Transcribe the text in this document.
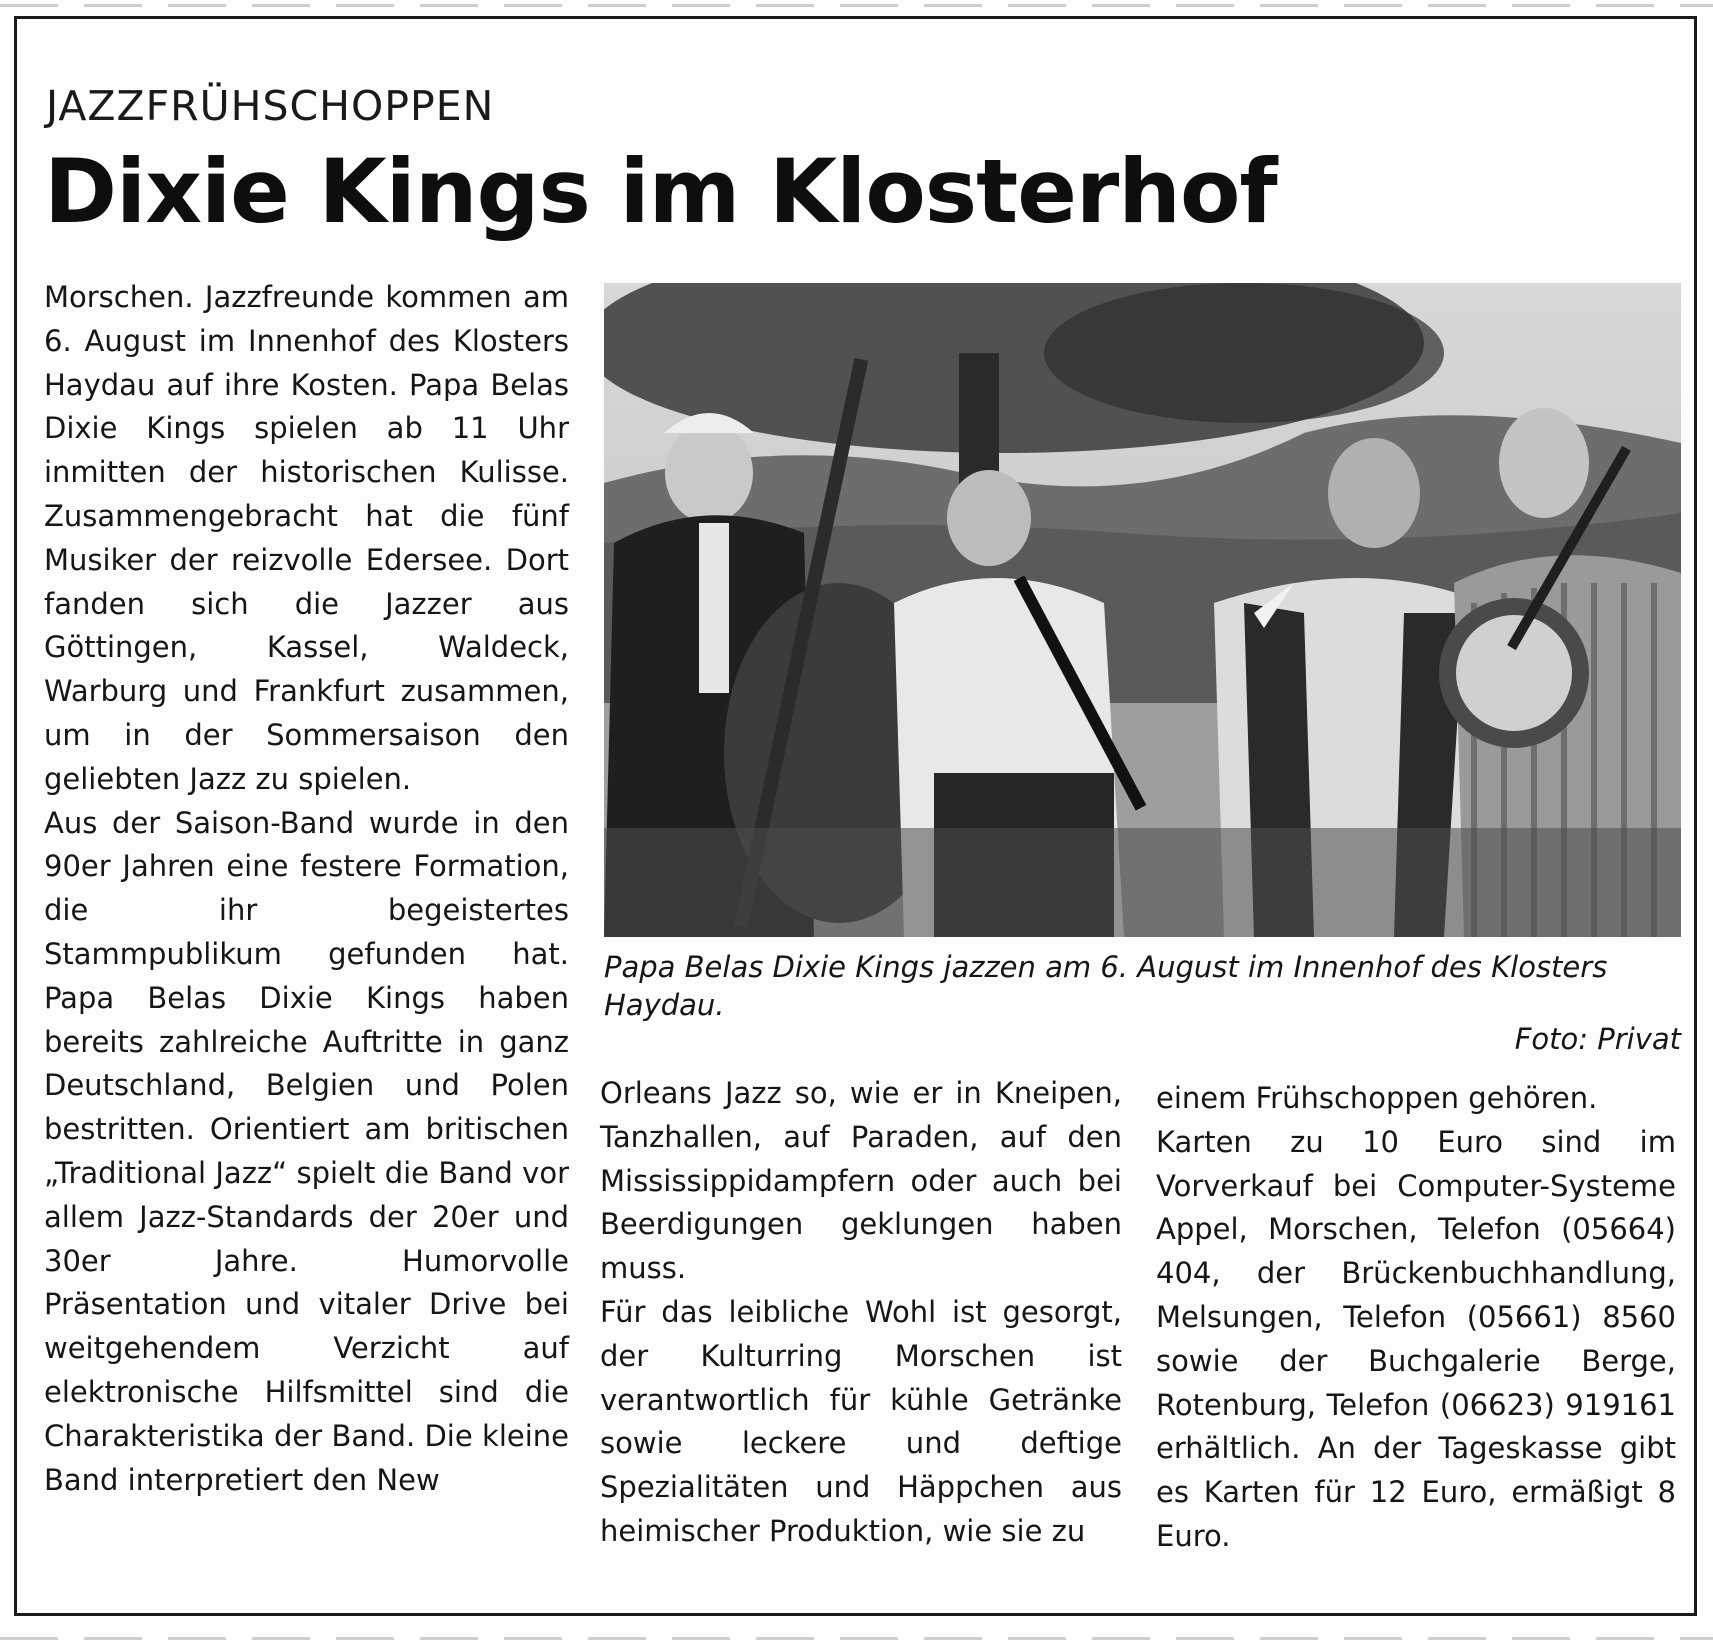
JAZZFRÜHSCHOPPEN
Dixie Kings im Klosterhof

Morschen. Jazzfreunde kommen am 6. August im Innenhof des Klosters Haydau auf ihre Kosten. Papa Belas Dixie Kings spielen ab 11 Uhr inmitten der historischen Kulisse. Zusammengebracht hat die fünf Musiker der reizvolle Edersee. Dort fanden sich die Jazzer aus Göttingen, Kassel, Waldeck, Warburg und Frankfurt zusammen, um in der Sommersaison den geliebten Jazz zu spielen.

Aus der Saison-Band wurde in den 90er Jahren eine festere Formation, die ihr begeistertes Stammpublikum gefunden hat. Papa Belas Dixie Kings haben bereits zahlreiche Auftritte in ganz Deutschland, Belgien und Polen bestritten. Orientiert am britischen „Traditional Jazz“ spielt die Band vor allem Jazz-Standards der 20er und 30er Jahre. Humorvolle Präsentation und vitaler Drive bei weitgehendem Verzicht auf elektronische Hilfsmittel sind die Charakteristika der Band. Die kleine Band interpretiert den New

Papa Belas Dixie Kings jazzen am 6. August im Innenhof des Klosters Haydau.
Foto: Privat

Orleans Jazz so, wie er in Kneipen, Tanzhallen, auf Paraden, auf den Mississippidampfern oder auch bei Beerdigungen geklungen haben muss.

Für das leibliche Wohl ist gesorgt, der Kulturring Morschen ist verantwortlich für kühle Getränke sowie leckere und deftige Spezialitäten und Häppchen aus heimischer Produktion, wie sie zu

einem Frühschoppen gehören.

Karten zu 10 Euro sind im Vorverkauf bei Computer-Systeme Appel, Morschen, Telefon (05664) 404, der Brückenbuchhandlung, Melsungen, Telefon (05661) 8560 sowie der Buchgalerie Berge, Rotenburg, Telefon (06623) 919161 erhältlich. An der Tageskasse gibt es Karten für 12 Euro, ermäßigt 8 Euro.
